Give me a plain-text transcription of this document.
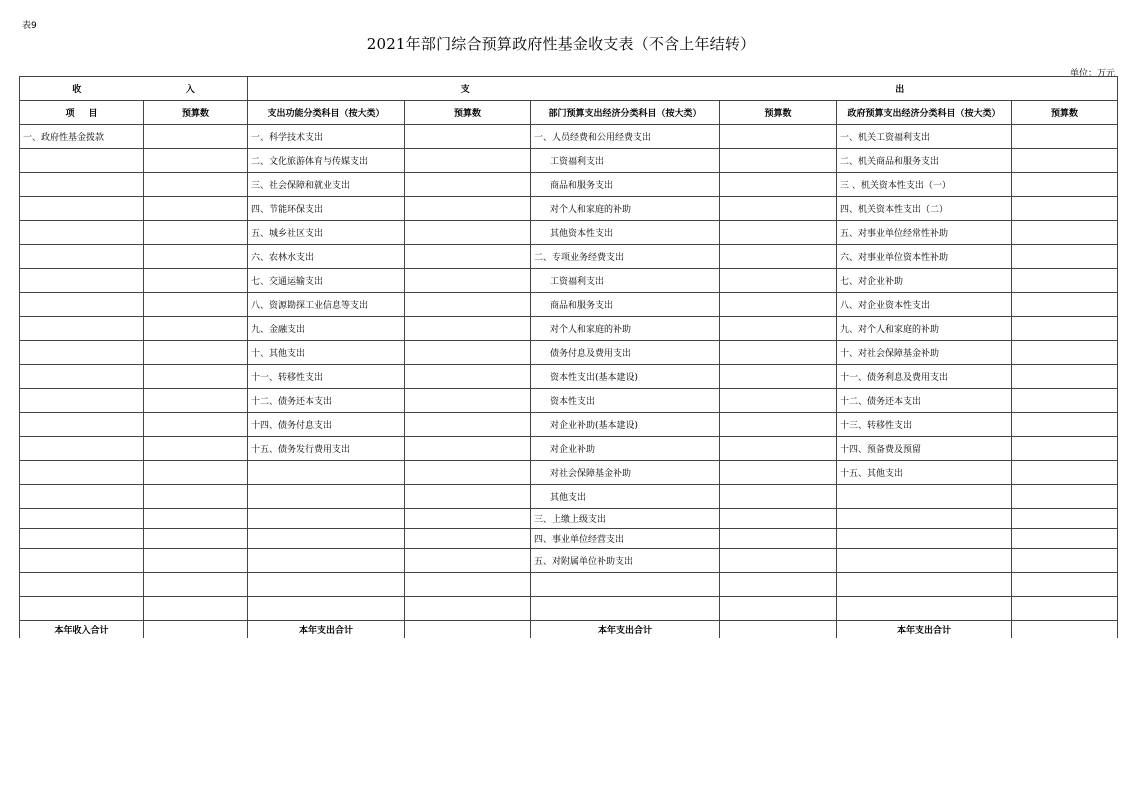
表9
2021年部门综合预算政府性基金收支表（不含上年结转）
单位：万元
收 入		支 出					

项 目	预算数	支出功能分类科目（按大类）	预算数	部门预算支出经济分类科目（按大类）	预算数	政府预算支出经济分类科目（按大类）	预算数
一、政府性基金拨款		一、科学技术支出		一、人员经费和公用经费支出		一、机关工资福利支出	
		二、文化旅游体育与传媒支出		工资福利支出		二、机关商品和服务支出	
		三、社会保障和就业支出		商品和服务支出		三 、机关资本性支出（一）	
		四、节能环保支出		对个人和家庭的补助		四、机关资本性支出（二）	
		五、城乡社区支出		其他资本性支出		五、对事业单位经常性补助	
		六、农林水支出		二、专项业务经费支出		六、对事业单位资本性补助	
		七、交通运输支出		工资福利支出		七、对企业补助	
		八、资源勘探工业信息等支出		商品和服务支出		八、对企业资本性支出	
		九、金融支出		对个人和家庭的补助		九、对个人和家庭的补助	
		十、其他支出		债务付息及费用支出		十、对社会保障基金补助	
		十一、转移性支出		资本性支出(基本建设)		十一、债务利息及费用支出	
		十二、债务还本支出		资本性支出		十二、债务还本支出	
		十四、债务付息支出		对企业补助(基本建设)		十三、转移性支出	
		十五、债务发行费用支出		对企业补助		十四、预备费及预留	
				对社会保障基金补助		十五、其他支出	
				其他支出			
				三、上缴上级支出			
				四、事业单位经营支出			
				五、对附属单位补助支出			

本年收入合计		本年支出合计		本年支出合计		本年支出合计	
